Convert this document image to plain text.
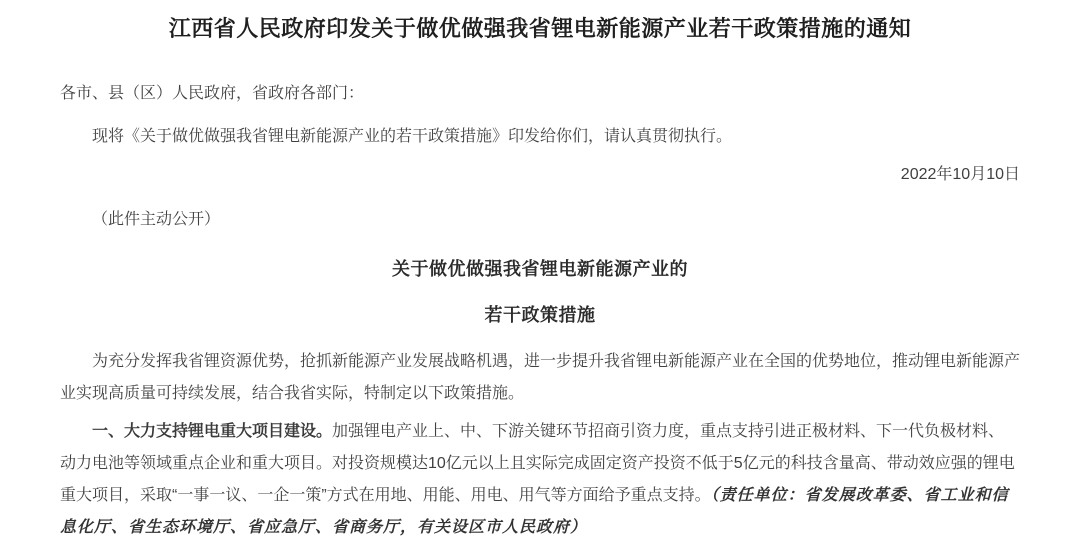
江西省人民政府印发关于做优做强我省锂电新能源产业若干政策措施的通知

各市、县（区）人民政府，省政府各部门：

现将《关于做优做强我省锂电新能源产业的若干政策措施》印发给你们，请认真贯彻执行。

2022年10月10日

（此件主动公开）

关于做优做强我省锂电新能源产业的
若干政策措施

为充分发挥我省锂资源优势，抢抓新能源产业发展战略机遇，进一步提升我省锂电新能源产业在全国的优势地位，推动锂电新能源产业实现高质量可持续发展，结合我省实际，特制定以下政策措施。

一、大力支持锂电重大项目建设。加强锂电产业上、中、下游关键环节招商引资力度，重点支持引进正极材料、下一代负极材料、动力电池等领域重点企业和重大项目。对投资规模达10亿元以上且实际完成固定资产投资不低于5亿元的科技含量高、带动效应强的锂电重大项目，采取“一事一议、一企一策”方式在用地、用能、用电、用气等方面给予重点支持。（责任单位：省发展改革委、省工业和信息化厅、省生态环境厅、省应急厅、省商务厅，有关设区市人民政府）
